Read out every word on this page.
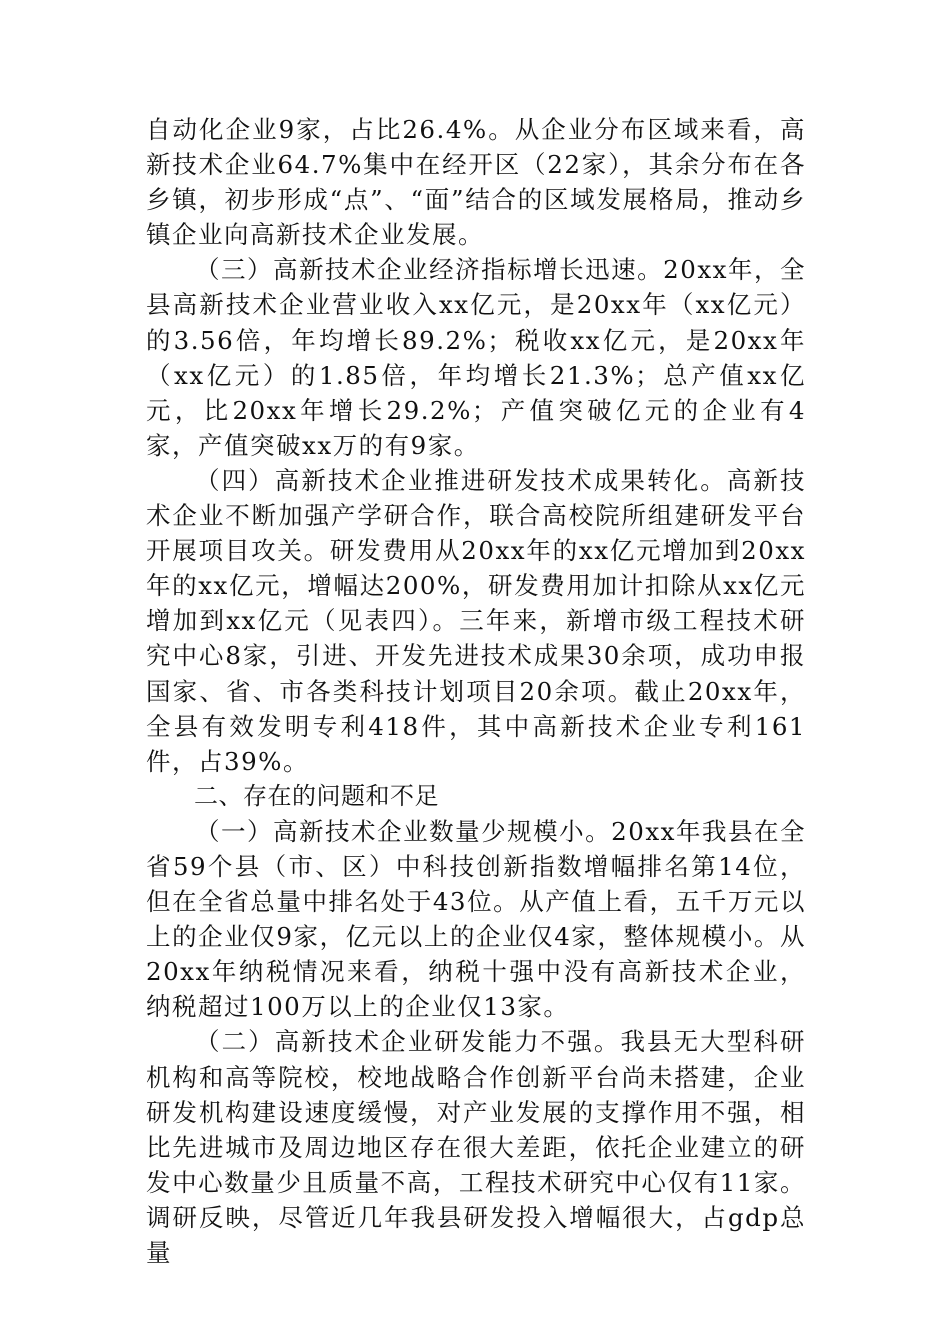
自动化企业9家，占比26.4%。从企业分布区域来看，高新技术企业64.7%集中在经开区（22家），其余分布在各乡镇，初步形成“点”、“面”结合的区域发展格局，推动乡镇企业向高新技术企业发展。

（三）高新技术企业经济指标增长迅速。20xx年，全县高新技术企业营业收入xx亿元，是20xx年（xx亿元）的3.56倍，年均增长89.2%；税收xx亿元，是20xx年（xx亿元）的1.85倍，年均增长21.3%；总产值xx亿元，比20xx年增长29.2%；产值突破亿元的企业有4家，产值突破xx万的有9家。

（四）高新技术企业推进研发技术成果转化。高新技术企业不断加强产学研合作，联合高校院所组建研发平台开展项目攻关。研发费用从20xx年的xx亿元增加到20xx年的xx亿元，增幅达200%，研发费用加计扣除从xx亿元增加到xx亿元（见表四）。三年来，新增市级工程技术研究中心8家，引进、开发先进技术成果30余项，成功申报国家、省、市各类科技计划项目20余项。截止20xx年，全县有效发明专利418件，其中高新技术企业专利161件，占39%。

二、存在的问题和不足

（一）高新技术企业数量少规模小。20xx年我县在全省59个县（市、区）中科技创新指数增幅排名第14位，但在全省总量中排名处于43位。从产值上看，五千万元以上的企业仅9家，亿元以上的企业仅4家，整体规模小。从20xx年纳税情况来看，纳税十强中没有高新技术企业，纳税超过100万以上的企业仅13家。

（二）高新技术企业研发能力不强。我县无大型科研机构和高等院校，校地战略合作创新平台尚未搭建，企业研发机构建设速度缓慢，对产业发展的支撑作用不强，相比先进城市及周边地区存在很大差距，依托企业建立的研发中心数量少且质量不高，工程技术研究中心仅有11家。调研反映，尽管近几年我县研发投入增幅很大，占gdp总量
